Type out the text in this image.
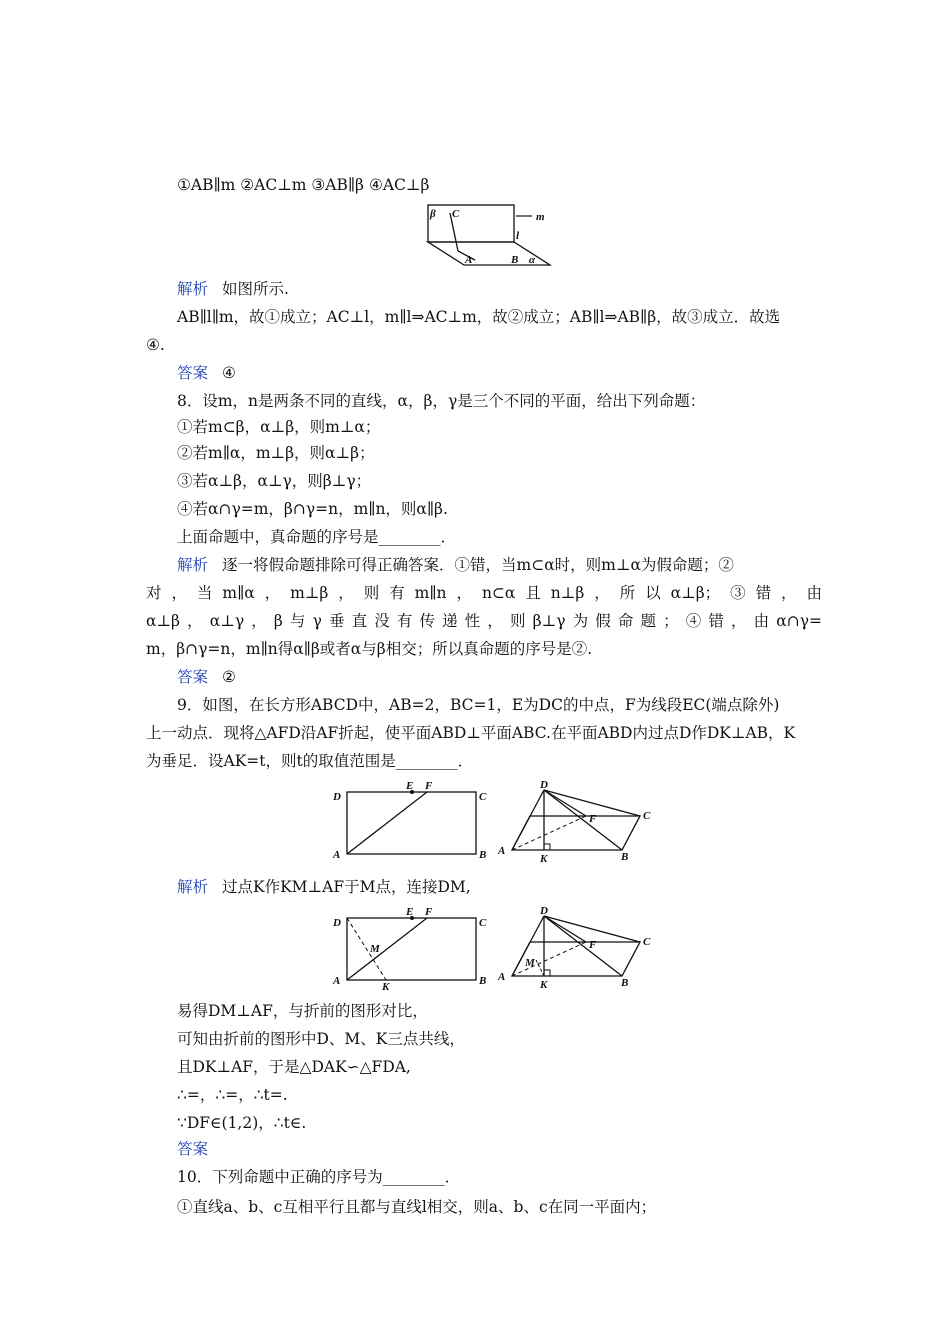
①AB∥m ②AC⊥m ③AB∥β ④AC⊥β
β C	m
l
A	B α
解析 如图所示.
AB∥l∥m，故①成立；AC⊥l，m∥l⇒AC⊥m，故②成立；AB∥l⇒AB∥β，故③成立．故选
④.
答案 ④
8．设m，n是两条不同的直线，α，β，γ是三个不同的平面，给出下列命题：
①若m⊂β，α⊥β，则m⊥α；
②若m∥α，m⊥β，则α⊥β；
③若α⊥β，α⊥γ，则β⊥γ；
④若α∩γ=m，β∩γ=n，m∥n，则α∥β.
上面命题中，真命题的序号是________．
解析 逐一将假命题排除可得正确答案．①错，当m⊂α时，则m⊥α为假命题；②
对，当m∥α，m⊥β，则有m∥n，n⊂α且n⊥β，所以α⊥β；③错，由
α⊥β，α⊥γ，β与γ垂直没有传递性，则β⊥γ为假命题；④错，由α∩γ=
m，β∩γ=n，m∥n得α∥β或者α与β相交；所以真命题的序号是②.
答案 ②
9．如图，在长方形ABCD中，AB=2，BC=1，E为DC的中点，F为线段EC(端点除外)
上一动点．现将△AFD沿AF折起，使平面ABD⊥平面ABC.在平面ABD内过点D作DK⊥AB，K
为垂足．设AK=t，则t的取值范围是________．
D
E F
C
A	B
D
F	C
A
K	B
解析 过点K作KM⊥AF于M点，连接DM,
D
E F
C
M
A	K	B
D
F	C
M
A
K	B
易得DM⊥AF，与折前的图形对比，
可知由折前的图形中D、M、K三点共线，
且DK⊥AF，于是△DAK∽△FDA,
∴=，∴=，∴t=.
∵DF∈(1,2)，∴t∈.
答案
10．下列命题中正确的序号为________．
①直线a、b、c互相平行且都与直线l相交，则a、b、c在同一平面内；
